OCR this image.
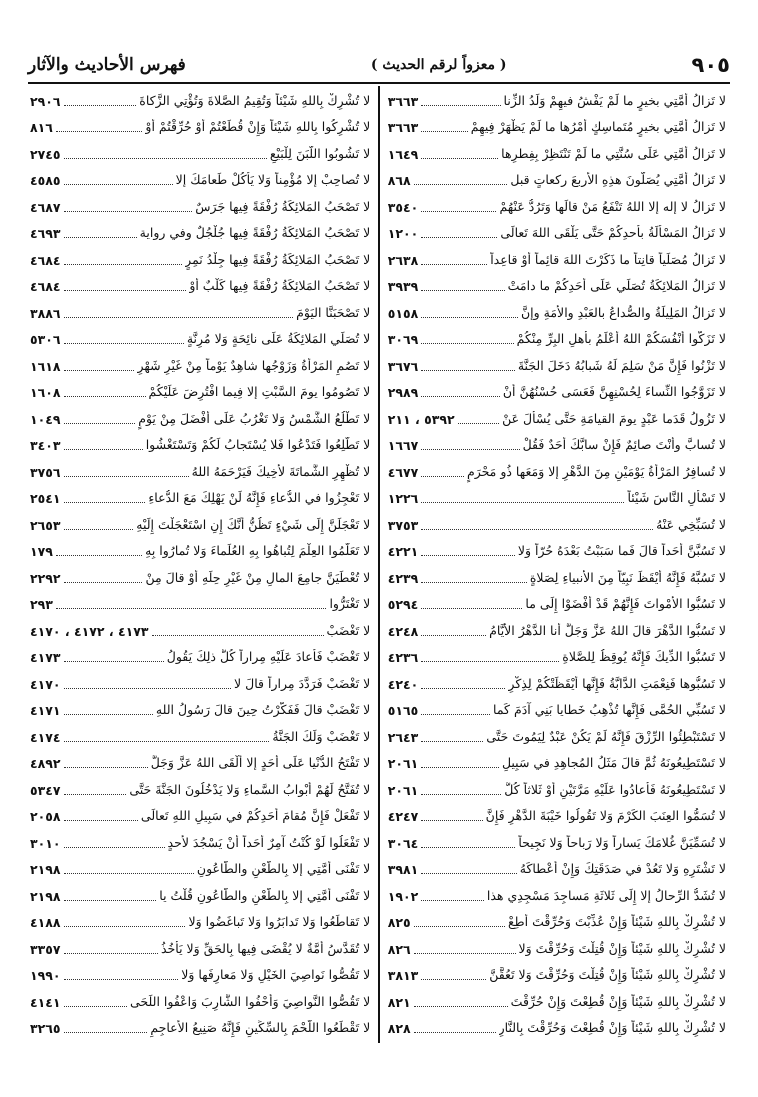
٩٠٥
( معزواً لرقم الحديث )
فهرس الأحاديث والآثار
لا تَزالُ أُمَّتِي بخيرٍ ما لَمْ يَفْشُ فيهِمْ وَلَدُ الزِّنا
٣٦٦٣
لا تَزالُ أُمَّتِي بخيرٍ مُتَماسِكٍ أَمْرُها ما لَمْ يَظْهَرْ فِيهِمْ
٣٦٦٣
لا تَزالُ أُمَّتِي عَلَى سُنَّتِي ما لَمْ تَنْتَظِرْ بِفِطرِها
١٦٤٩
لا تَزالُ أُمَّتِي يُصَلُّونَ هذِهِ الأربعَ ركعاتٍ قبل
٨٦٨
لا تَزالُ لا إله إلا اللهُ تَنْفَعُ مَنْ قالَها وَتَرُدُّ عَنْهُمْ
٣٥٤٠
لا تَزالُ المَسْأَلَةُ بأحدِكُمْ حَتَّى يَلْقَى اللهَ تَعالَى
١٢٠٠
لا تَزالُ مُصَلِّياً قانِتاً ما ذَكَرْتَ اللهَ قائِماً أَوْ قاعِداً
٢٦٣٨
لا تَزالُ المَلائِكَةُ تُصَلِّي عَلَى أَحَدِكُمْ ما دامَتْ
٣٩٣٩
لا تَزالُ المَلِيلَةُ والصُّداعُ بالعَبْدِ والأَمَةِ وإنَّ
٥١٥٨
لا تَزَكُّوا أَنْفُسَكُمْ اللهُ أَعْلَمُ بأهلِ البِرِّ مِنْكُمْ
٣٠٦٩
لا تَزْنُوا فَإِنَّ مَنْ سَلِمَ لَهُ شَبابُهُ دَخَلَ الجَنَّةَ
٣٦٧٦
لا تَزَوَّجُوا النِّساءَ لِحُسْنِهِنَّ فَعَسَى حُسْنُهُنَّ أَنْ
٢٩٨٩
لا تَزُولُ قَدَما عَبْدٍ يومَ القيامَةِ حَتَّى يُسْأَلَ عَنْ
٥٣٩٢ ، ٢١١
لا تُسابَّ وأَنْتَ صائِمٌ فَإِنْ سابَّكَ أَحَدٌ فَقُلْ
١٦٦٧
لا تُسافِرُ المَرْأَةُ يَوْمَيْنِ مِنَ الدَّهْرِ إلا وَمَعَها ذُو مَحْرَمٍ
٤٦٧٧
لا تَسْأَلِ النَّاسَ شَيْئاً
١٢٢٦
لا تُسَبِّخِي عَنْهُ
٣٧٥٣
لا تَسُبَّنَّ أَحَداً قالَ فَما سَبَبْتُ بَعْدَهُ حُرّاً وَلا
٤٢٢١
لا تَسُبَّهُ فَإِنَّهُ أَيْقَظَ نَبِيّاً مِنَ الأنبياءِ لِصَلاةٍ
٤٢٣٩
لا تَسُبُّوا الأَمْواتَ فَإِنَّهُمْ قَدْ أَفْضَوْا إِلَى ما
٥٢٩٤
لا تَسُبُّوا الدَّهْرَ قالَ اللهُ عَزَّ وَجَلَّ أَنا الدَّهْرُ الأَيَّامُ
٤٢٤٨
لا تَسُبُّوا الدِّيكَ فَإِنَّهُ يُوقِظُ لِلصَّلاةِ
٤٢٣٦
لا تَسُبُّوها فَنِعْمَتِ الدَّابَّةُ فَإِنَّها أَيْقَظَتْكُمْ لِذِكْرِ
٤٢٤٠
لا تَسُبِّي الحُمَّى فَإِنَّها تُذْهِبُ خَطايا بَنِي آدَمَ كَما
٥١٦٥
لا تَسْتَبْطِئُوا الرِّزْقَ فَإِنَّهُ لَمْ يَكُنْ عَبْدٌ لِيَمُوتَ حَتَّى
٢٦٤٣
لا تَسْتَطِيعُونَهُ ثُمَّ قالَ مَثَلُ المُجاهِدِ في سَبِيلِ
٢٠٦١
لا تَسْتَطِيعُونَهُ فَأَعادُوا عَلَيْهِ مَرَّتَيْنِ أَوْ ثَلاثاً كُلُّ
٢٠٦١
لا تُسَمُّوا العِنَبَ الكَرْمَ وَلا تَقُولُوا خَيْبَةَ الدَّهْرِ فَإِنَّ
٤٢٤٧
لا تُسَمِّيَنَّ غُلامَكَ يَساراً وَلا رَباحاً وَلا نَجِيحاً
٣٠٦٤
لا تَشْتَرِهِ وَلا تَعُدْ في صَدَقَتِكَ وَإِنْ أَعْطاكَهُ
٣٩٨١
لا تُشَدُّ الرِّحالُ إلا إِلَى ثَلاثَةِ مَساجِدَ مَسْجِدِي هذا
١٩٠٢
لا تُشْرِكْ بِاللهِ شَيْئاً وَإِنْ عُذِّبْتَ وَحُرِّقْتَ أَطِعْ
٨٢٥
لا تُشْرِكْ بِاللهِ شَيْئاً وَإِنْ قُتِلْتَ وَحُرِّقْتَ وَلا
٨٢٦
لا تُشْرِكْ بِاللهِ شَيْئاً وَإِنْ قُتِلْتَ وَحُرِّقْتَ وَلا تَعُقَّنَّ
٣٨١٣
لا تُشْرِكْ بِاللهِ شَيْئاً وَإِنْ قُطِعْتَ وَإِنْ حُرِّقْتَ
٨٢١
لا تُشْرِكْ بِاللهِ شَيْئاً وَإِنْ قُطِعْتَ وَحُرِّقْتَ بِالنَّارِ
٨٢٨
لا تُشْرِكْ بِاللهِ شَيْئاً وَتُقِيمُ الصَّلاةَ وَتُؤْتِي الزَّكاةَ
٢٩٠٦
لا تُشْرِكُوا بِاللهِ شَيْئاً وَإِنْ قُطِّعْتُمْ أَوْ حُرِّقْتُمْ أَوْ
٨١٦
لا تَشُوبُوا اللَّبَنَ لِلْبَيْعِ
٢٧٤٥
لا تُصاحِبْ إلا مُؤْمِناً وَلا يَأْكُلْ طَعامَكَ إلا
٤٥٨٥
لا تَصْحَبُ المَلائِكَةُ رُفْقَةً فِيها جَرَسٌ
٤٦٨٧
لا تَصْحَبُ المَلائِكَةُ رُفْقَةً فِيها جُلْجُلٌ وفي رواية
٤٦٩٣
لا تَصْحَبُ المَلائِكَةُ رُفْقَةً فِيها جِلْدُ نَمِرٍ
٤٦٨٤
لا تَصْحَبُ المَلائِكَةُ رُفْقَةً فِيها كَلْبٌ أَوْ
٤٦٨٤
لا تَصْحَبَنَّا اليَوْمَ
٣٨٨٦
لا تُصَلِّي المَلائِكَةُ عَلَى نائِحَةٍ وَلا مُرِنَّةٍ
٥٣٠٦
لا تَصُمِ المَرْأَةُ وَزَوْجُها شاهِدٌ يَوْماً مِنْ غَيْرِ شَهْرِ
١٦١٨
لا تَصُومُوا يومَ السَّبْتِ إلا فِيما افْتُرِضَ عَلَيْكُمْ
١٦٠٨
لا تَطْلُعُ الشَّمْسُ وَلا تَغْرُبُ عَلَى أَفْضَلَ مِنْ يَوْمٍ
١٠٤٩
لا تَطَّلِعُوا فَتَدْعُوا فَلا يُسْتَجابُ لَكُمْ وَتَسْتَغْشُوا
٣٤٠٣
لا تُظْهِرِ الشَّماتَةَ لأَخِيكَ فَيَرْحَمَهُ اللهُ
٣٧٥٦
لا تَعْجِزُوا في الدُّعاءِ فَإِنَّهُ لَنْ يَهْلِكَ مَعَ الدُّعاءِ
٢٥٤١
لا تَعْجَلَنَّ إِلَى شَيْءٍ تَظُنُّ أَنَّكَ إِنِ اسْتَعْجَلْتَ إِلَيْهِ
٢٦٥٣
لا تَعَلَّمُوا العِلْمَ لِتُباهُوا بِهِ العُلَماءَ وَلا تُمارُوا بِهِ
١٧٩
لا تُعْطَيَنَّ جامِعَ المالِ مِنْ غَيْرِ حِلِّهِ أَوْ قالَ مِنْ
٢٢٩٢
لا تَغْتَرُّوا
٢٩٣
لا تَغْضَبْ
٤١٧٣ ، ٤١٧٢ ، ٤١٧٠
لا تَغْضَبْ فَأَعادَ عَلَيْهِ مِراراً كُلُّ ذلِكَ يَقُولُ
٤١٧٣
لا تَغْضَبْ فَرَدَّدَ مِراراً قالَ لا
٤١٧٠
لا تَغْضَبْ قالَ فَفَكَّرْتُ حِينَ قالَ رَسُولُ اللهِ
٤١٧١
لا تَغْضَبْ وَلَكَ الجَنَّةُ
٤١٧٤
لا تَفْتَحُ الدُّنْيا عَلَى أَحَدٍ إلا أَلْقَى اللهُ عَزَّ وَجَلَّ
٤٨٩٢
لا تُفَتَّحُ لَهُمْ أَبْوابُ السَّماءِ وَلا يَدْخُلُونَ الجَنَّةَ حَتَّى
٥٣٤٧
لا تَفْعَلْ فَإِنَّ مُقامَ أَحَدِكُمْ في سَبِيلِ اللهِ تَعالَى
٢٠٥٨
لا تَفْعَلُوا لَوْ كُنْتُ آمِرٌ أَحَداً أَنْ يَسْجُدَ لأحدٍ
٣٠١٠
لا تَفْنَى أُمَّتِي إلا بِالطَّعْنِ والطَّاعُونِ
٢١٩٨
لا تَفْنَى أُمَّتِي إلا بِالطَّعْنِ والطَّاعُونِ قُلْتُ يا
٢١٩٨
لا تَقاطَعُوا وَلا تَدابَرُوا وَلا تَباغَضُوا وَلا
٤١٨٨
لا تُقَدَّسُ أُمَّةٌ لا يُقْضَى فِيها بِالحَقِّ وَلا يَأْخُذُ
٣٣٥٧
لا تَقُصُّوا نَواصِيَ الخَيْلِ وَلا مَعارِفَها وَلا
١٩٩٠
لا تَقُصُّوا النَّواصِيَ وَأَحْفُوا الشَّارِبَ وَاعْفُوا اللِّحَى
٤١٤١
لا تَقْطَعُوا اللَّحْمَ بِالسِّكِّينِ فَإِنَّهُ صَنِيعُ الأَعاجِمِ
٣٢٦٥
